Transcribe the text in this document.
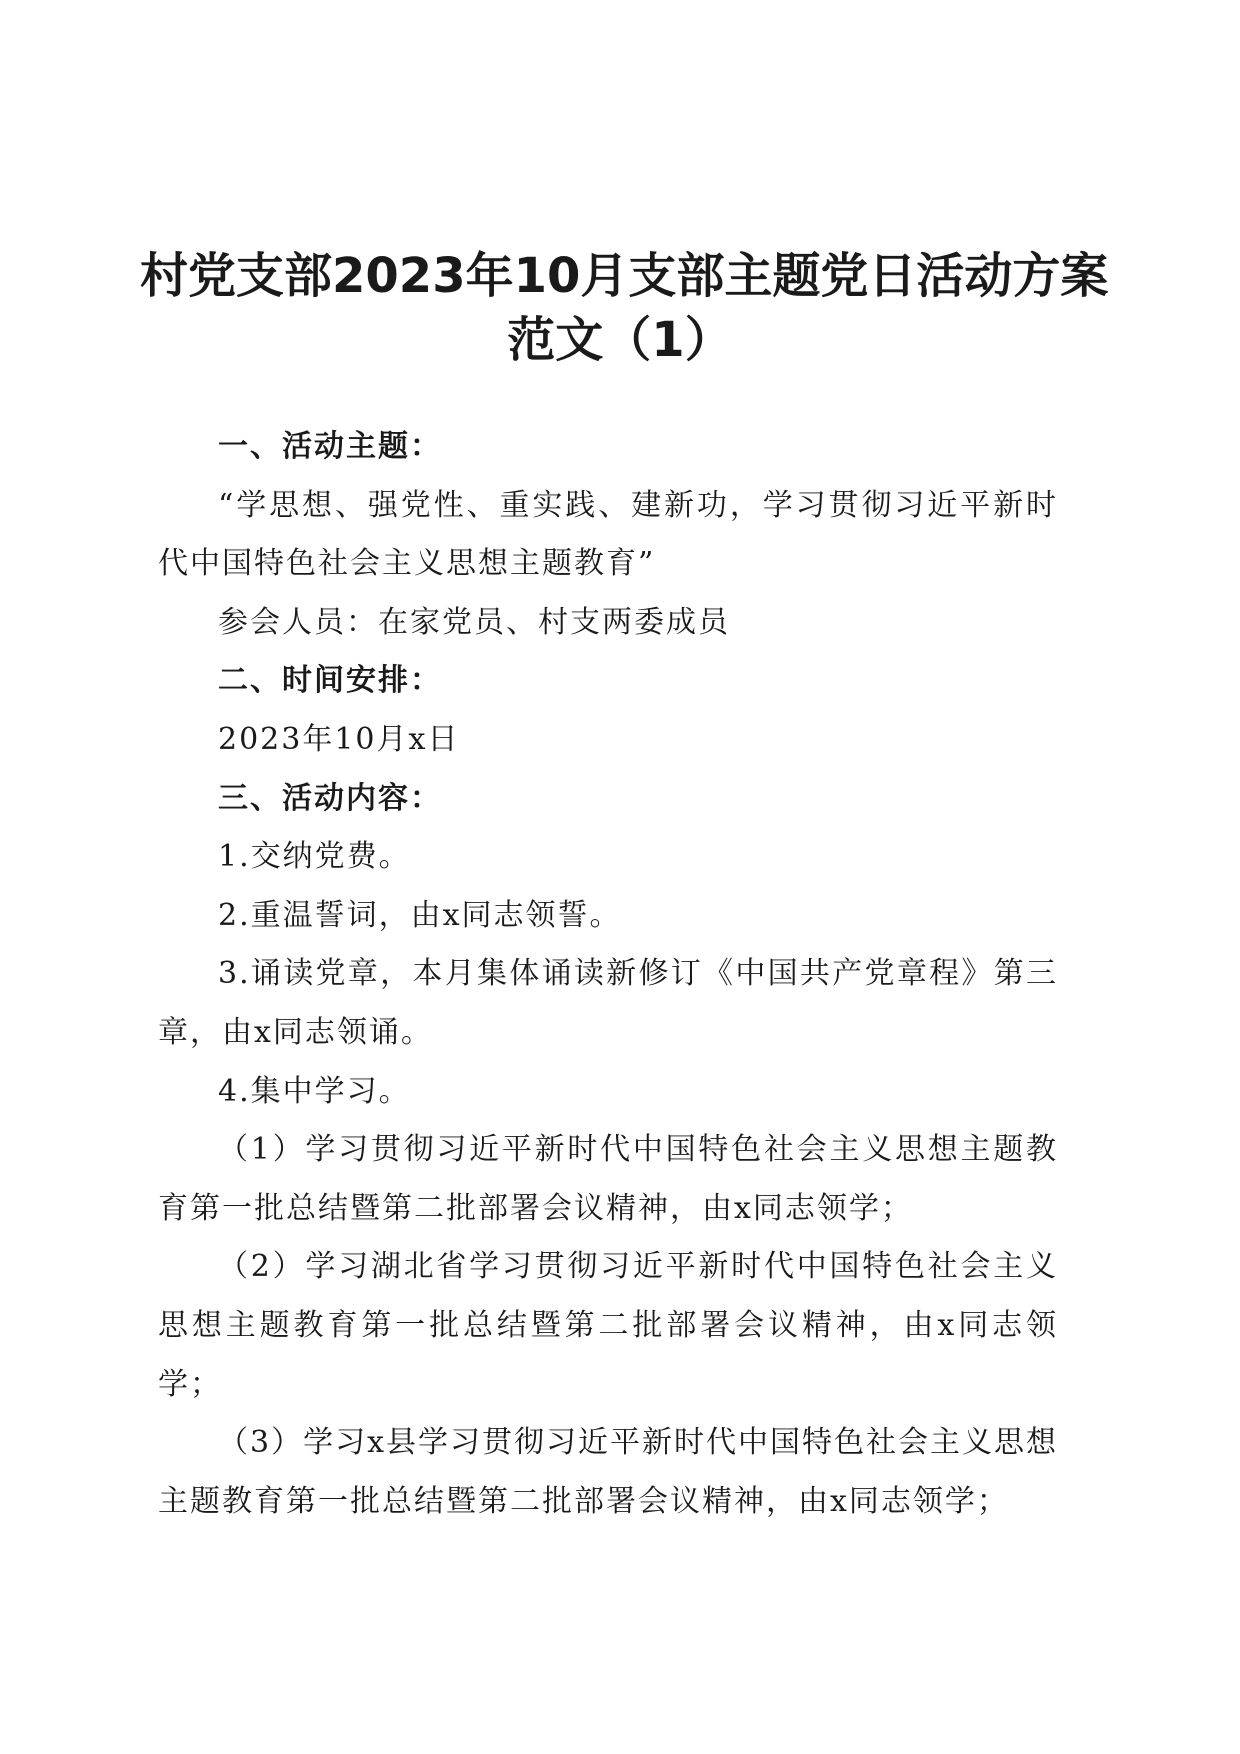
村党支部2023年10月支部主题党日活动方案
范文（1）

一、活动主题：

“学思想、强党性、重实践、建新功，学习贯彻习近平新时代中国特色社会主义思想主题教育”

参会人员：在家党员、村支两委成员

二、时间安排：

2023年10月x日

三、活动内容：

1.交纳党费。

2.重温誓词，由x同志领誓。

3.诵读党章，本月集体诵读新修订《中国共产党章程》第三章，由x同志领诵。

4.集中学习。

（1）学习贯彻习近平新时代中国特色社会主义思想主题教育第一批总结暨第二批部署会议精神，由x同志领学；

（2）学习湖北省学习贯彻习近平新时代中国特色社会主义思想主题教育第一批总结暨第二批部署会议精神，由x同志领学；

（3）学习x县学习贯彻习近平新时代中国特色社会主义思想主题教育第一批总结暨第二批部署会议精神，由x同志领学；
